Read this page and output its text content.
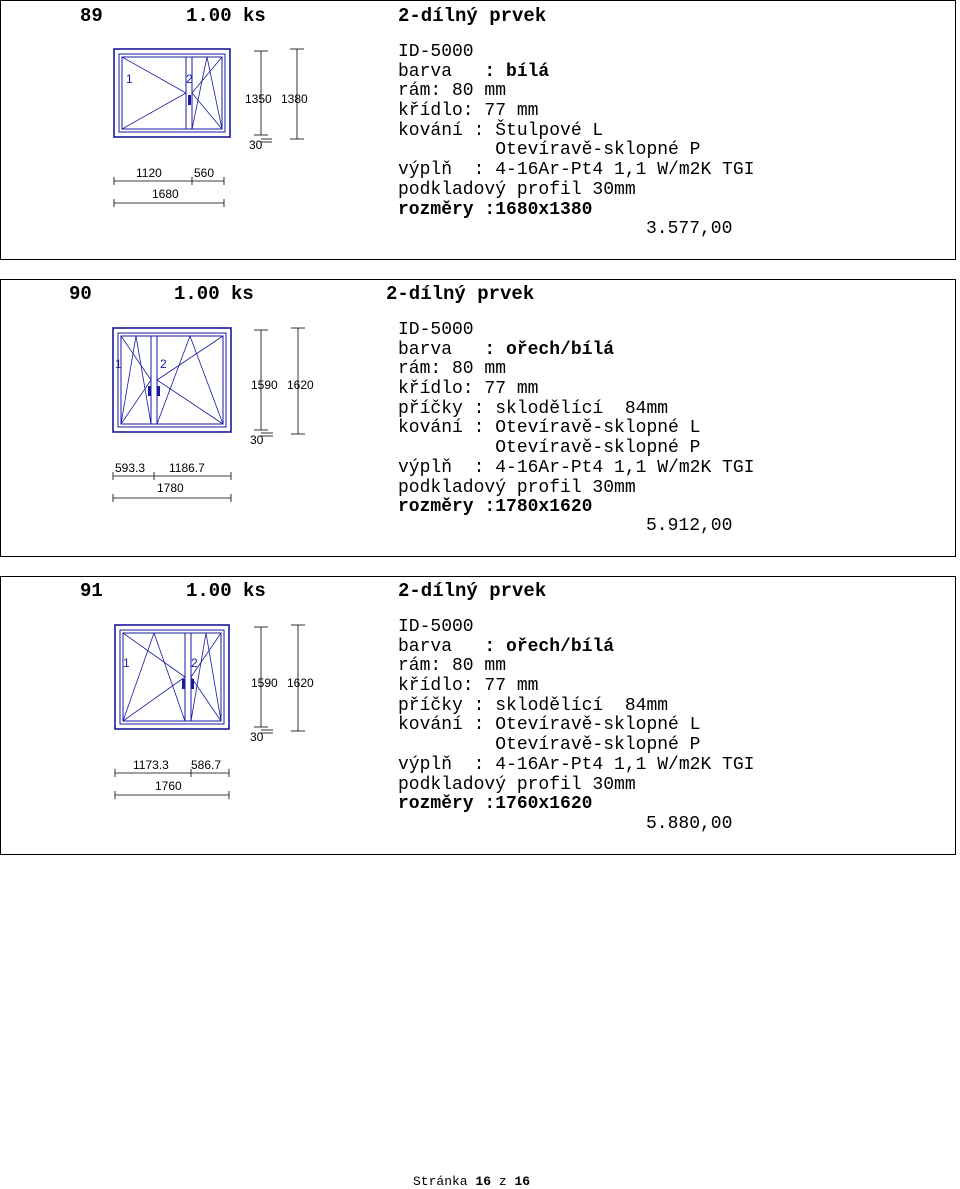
89	1.00 ks	2-dílný prvek
1	2
1120	560
1680
1350 1380
30
ID-5000
barva   : bílá
rám: 80 mm
křídlo: 77 mm
kování : Štulpové L
Otevíravě-sklopné P
výplň  : 4-16Ar-Pt4 1,1 W/m2K TGI
podkladový profil 30mm
rozměry :1680x1380
3.577,00
90	1.00 ks	2-dílný prvek
1	2
593.3 1186.7
1780
1590 1620
30
ID-5000
barva   : ořech/bílá
rám: 80 mm
křídlo: 77 mm
příčky : sklodělící  84mm
kování : Otevíravě-sklopné L
Otevíravě-sklopné P
výplň  : 4-16Ar-Pt4 1,1 W/m2K TGI
podkladový profil 30mm
rozměry :1780x1620
5.912,00
91	1.00 ks	2-dílný prvek
1	2
1173.3 586.7
1760
1590 1620
30
ID-5000
barva   : ořech/bílá
rám: 80 mm
křídlo: 77 mm
příčky : sklodělící  84mm
kování : Otevíravě-sklopné L
Otevíravě-sklopné P
výplň  : 4-16Ar-Pt4 1,1 W/m2K TGI
podkladový profil 30mm
rozměry :1760x1620
5.880,00
Stránka 16 z 16
